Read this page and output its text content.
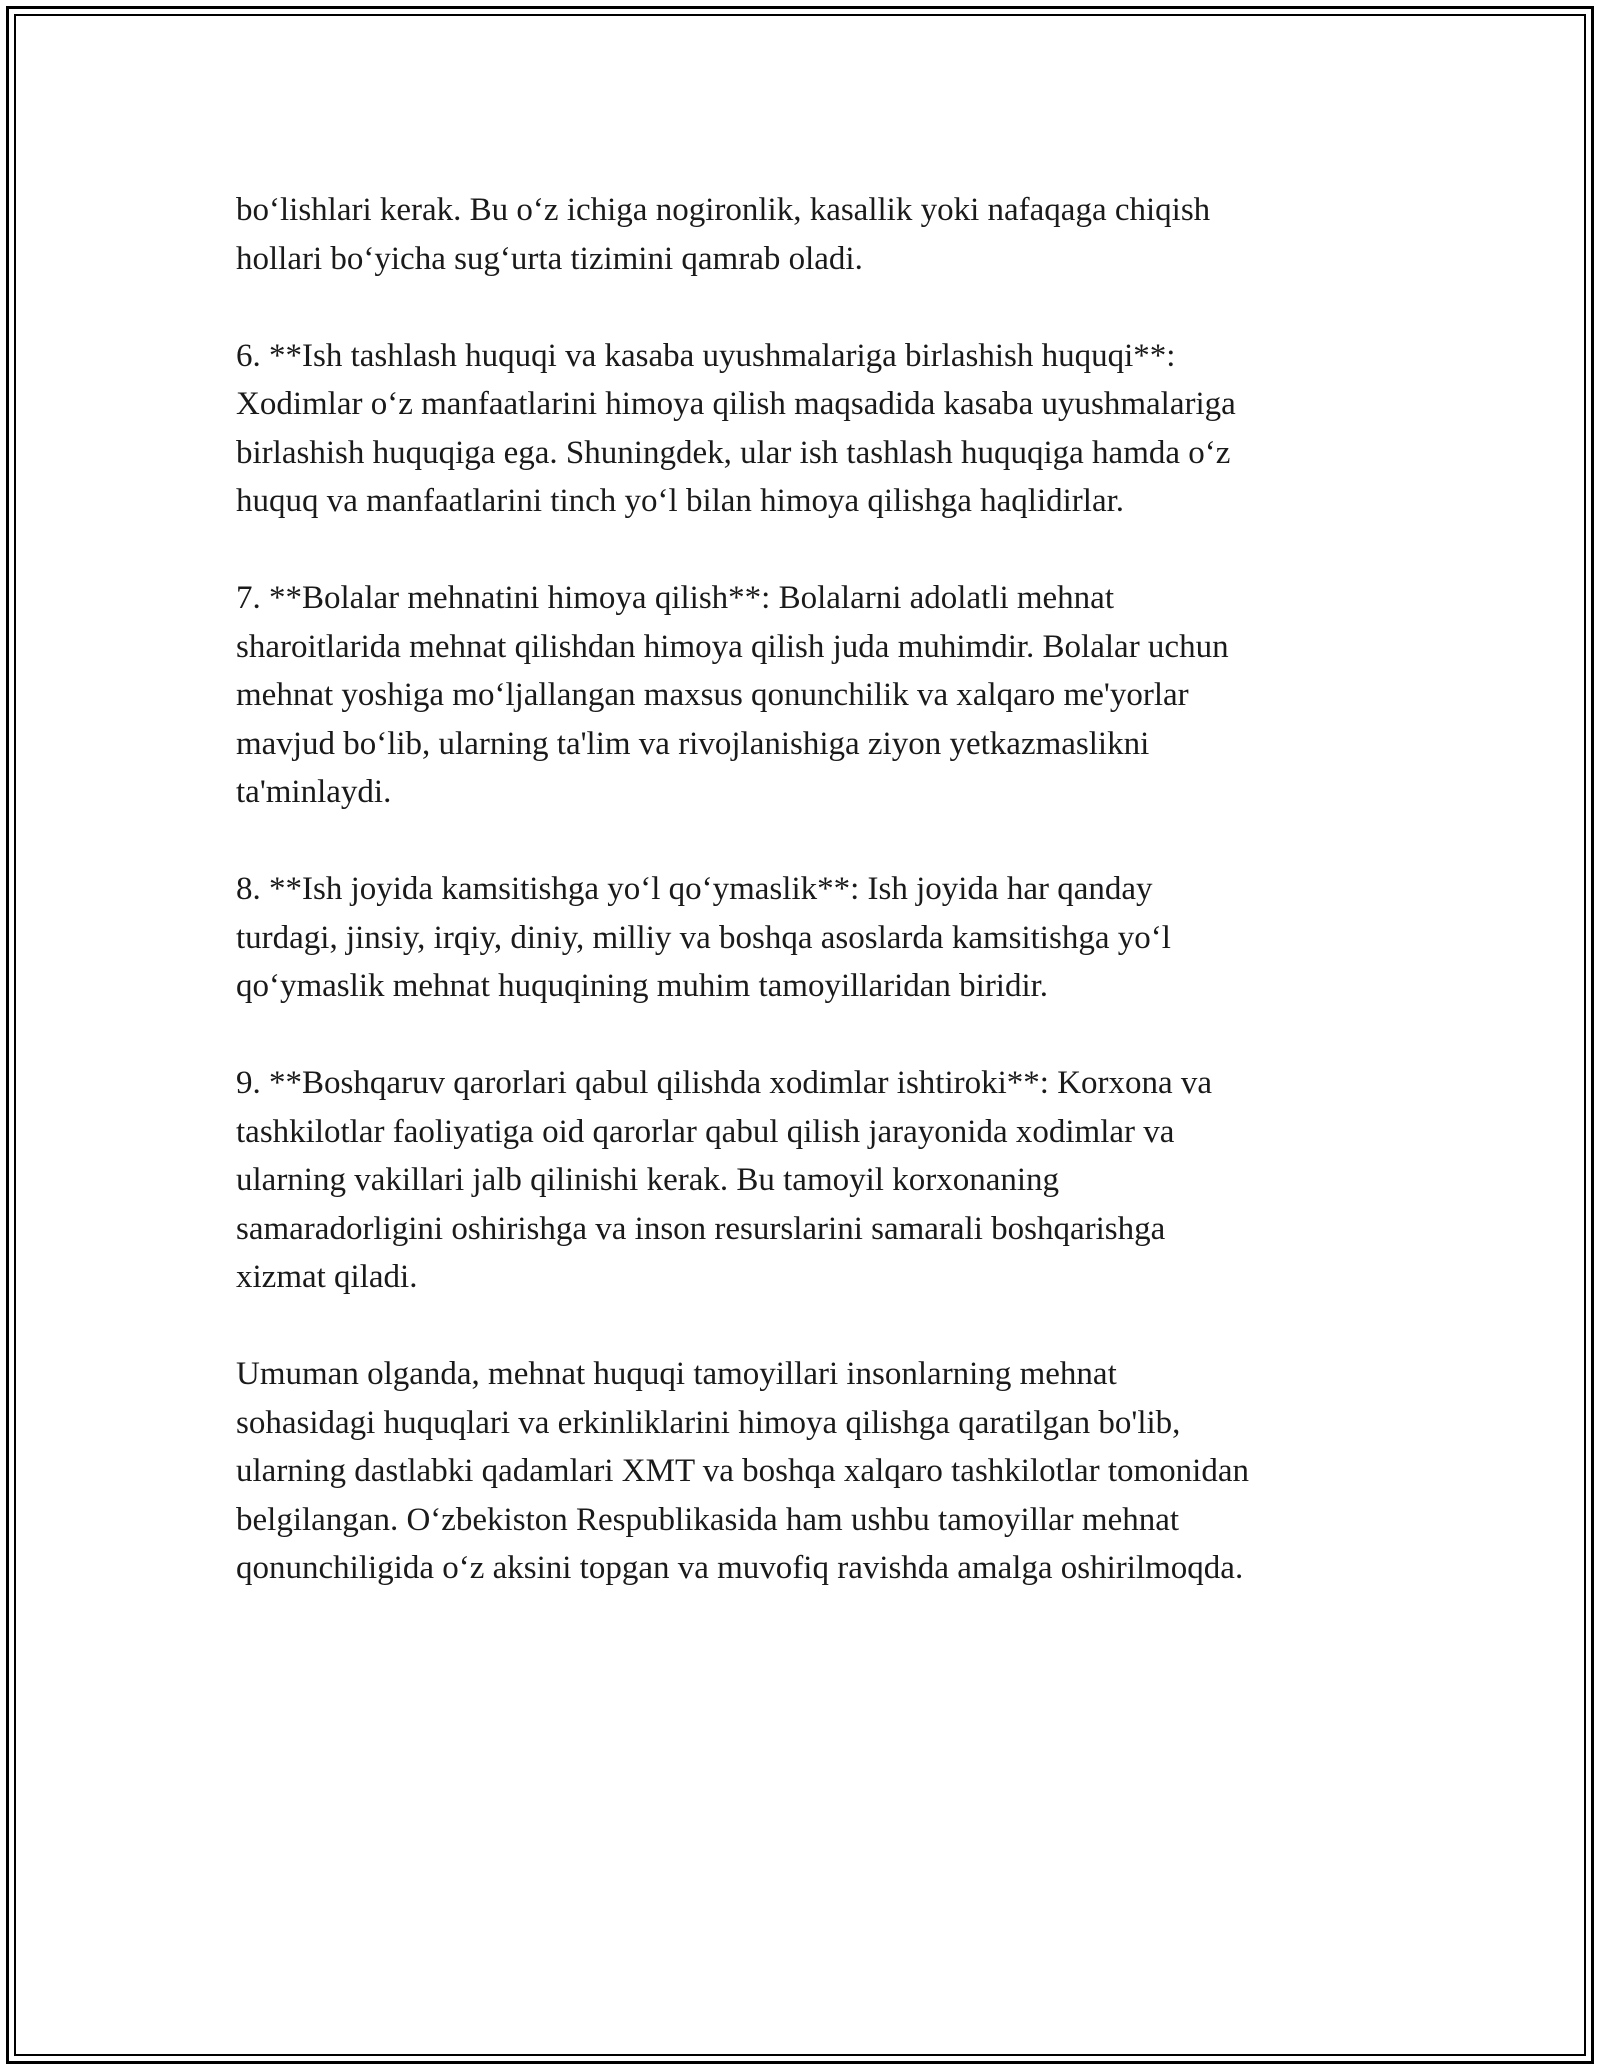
bo‘lishlari kerak. Bu o‘z ichiga nogironlik, kasallik yoki nafaqaga chiqish
hollari bo‘yicha sug‘urta tizimini qamrab oladi.

6. **Ish tashlash huquqi va kasaba uyushmalariga birlashish huquqi**:
Xodimlar o‘z manfaatlarini himoya qilish maqsadida kasaba uyushmalariga
birlashish huquqiga ega. Shuningdek, ular ish tashlash huquqiga hamda o‘z
huquq va manfaatlarini tinch yo‘l bilan himoya qilishga haqlidirlar.

7. **Bolalar mehnatini himoya qilish**: Bolalarni adolatli mehnat
sharoitlarida mehnat qilishdan himoya qilish juda muhimdir. Bolalar uchun
mehnat yoshiga mo‘ljallangan maxsus qonunchilik va xalqaro me'yorlar
mavjud bo‘lib, ularning ta'lim va rivojlanishiga ziyon yetkazmaslikni
ta'minlaydi.

8. **Ish joyida kamsitishga yo‘l qo‘ymaslik**: Ish joyida har qanday
turdagi, jinsiy, irqiy, diniy, milliy va boshqa asoslarda kamsitishga yo‘l
qo‘ymaslik mehnat huquqining muhim tamoyillaridan biridir.

9. **Boshqaruv qarorlari qabul qilishda xodimlar ishtiroki**: Korxona va
tashkilotlar faoliyatiga oid qarorlar qabul qilish jarayonida xodimlar va
ularning vakillari jalb qilinishi kerak. Bu tamoyil korxonaning
samaradorligini oshirishga va inson resurslarini samarali boshqarishga
xizmat qiladi.

Umuman olganda, mehnat huquqi tamoyillari insonlarning mehnat
sohasidagi huquqlari va erkinliklarini himoya qilishga qaratilgan bo'lib,
ularning dastlabki qadamlari XMT va boshqa xalqaro tashkilotlar tomonidan
belgilangan. O‘zbekiston Respublikasida ham ushbu tamoyillar mehnat
qonunchiligida o‘z aksini topgan va muvofiq ravishda amalga oshirilmoqda.
